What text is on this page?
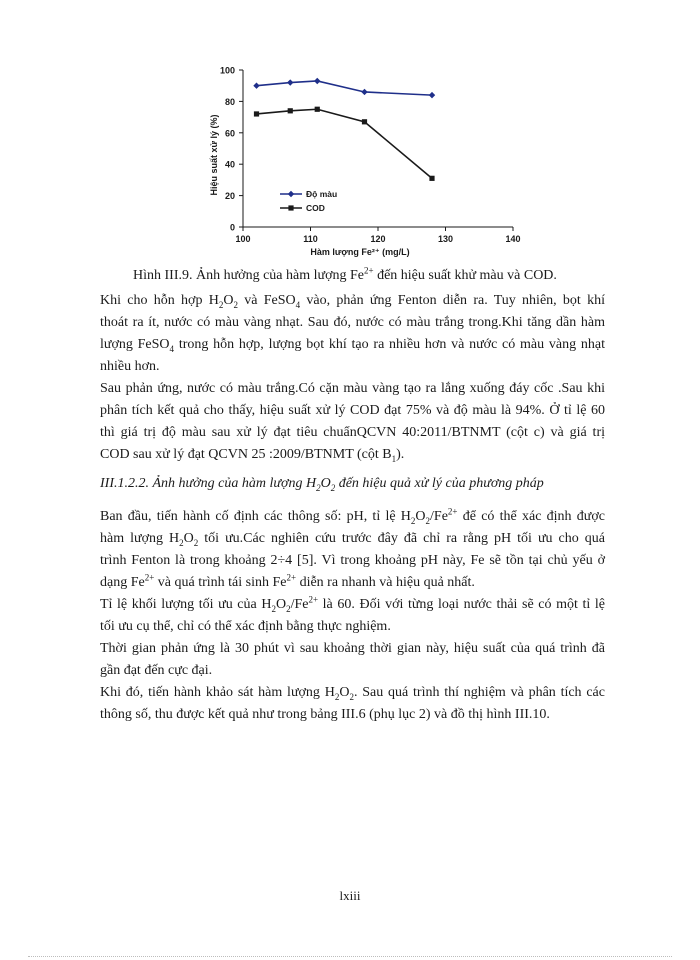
0
20
40
60
80
100
100	110	120	130	140
Độ màu
COD
Hàm lượng Fe²⁺ (mg/L)
Hiệu suất xử lý (%)
Hình III.9. Ảnh hưởng của hàm lượng $Fe^{2+}$ đến hiệu suất khử màu và COD.
Khi cho hỗn hợp $H_2O_2$ và FeSO$_4$ vào, phản ứng Fenton diễn ra. Tuy nhiên, bọt khí
thoát ra ít, nước có màu vàng nhạt. Sau đó, nước có màu trắng trong.Khi tăng dần hàm
lượng FeSO$_4$ trong hỗn hợp, lượng bọt khí tạo ra nhiều hơn và nước có màu vàng nhạt
nhiều hơn.
Sau phản ứng, nước có màu trắng.Có cặn màu vàng tạo ra lắng xuống đáy cốc .Sau khi
phân tích kết quả cho thấy, hiệu suất xử lý COD đạt 75% và độ màu là 94%. Ở tỉ lệ 60
thì giá trị độ màu sau xử lý đạt tiêu chuẩnQCVN 40:2011/BTNMT (cột c) và giá trị
COD sau xử lý đạt QCVN 25 :2009/BTNMT (cột $B_1$).
III.1.2.2. Ảnh hưởng của hàm lượng $H_2O_2$ đến hiệu quả xử lý của phương pháp
Ban đầu, tiến hành cố định các thông số: pH, tỉ lệ $H_2O_2/Fe^{2+}$ để có thể xác định được
hàm lượng $H_2O_2$ tối ưu.Các nghiên cứu trước đây đã chỉ ra rằng pH tối ưu cho quá
trình Fenton là trong khoảng 2÷4 [5]. Vì trong khoảng pH này, Fe sẽ tồn tại chủ yếu ở
dạng $Fe^{2+}$ và quá trình tái $\sinh Fe^{2+}$ diễn ra nhanh và hiệu quả nhất.
Tỉ lệ khối lượng tối ưu của $H_2O_2/Fe^{2+}$ là 60. Đối với từng loại nước thải sẽ có một tỉ lệ
tối ưu cụ thể, chỉ có thể xác định bằng thực nghiệm.
Thời gian phản ứng là 30 phút vì sau khoảng thời gian này, hiệu suất của quá trình đã
gần đạt đến cực đại.
Khi đó, tiến hành khảo sát hàm lượng $H_2O_2$. Sau quá trình thí nghiệm và phân tích các
thông số, thu được kết quả như trong bảng III.6 (phụ lục 2) và đồ thị hình III.10.
lxiii
